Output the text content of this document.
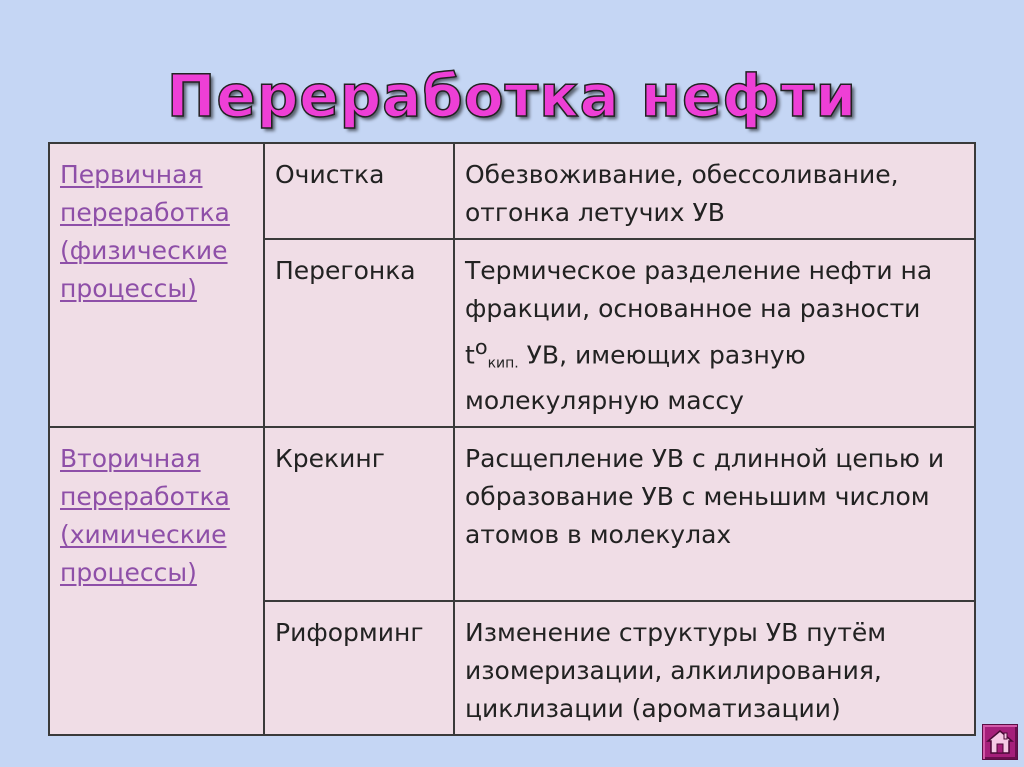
Переработка нефти
Первичная
переработка
(физические
процессы)	Очистка	Обезвоживание, обессоливание, отгонка летучих УВ
	Перегонка	Термическое разделение нефти на фракции, основанное на разности $t^o_{кип.}$ УВ, имеющих разную молекулярную массу
Вторичная
переработка
(химические
процессы)	Крекинг	Расщепление УВ с длинной цепью и образование УВ с меньшим числом атомов в молекулах
	Риформинг	Изменение структуры УВ путём изомеризации, алкилирования, циклизации (ароматизации)
